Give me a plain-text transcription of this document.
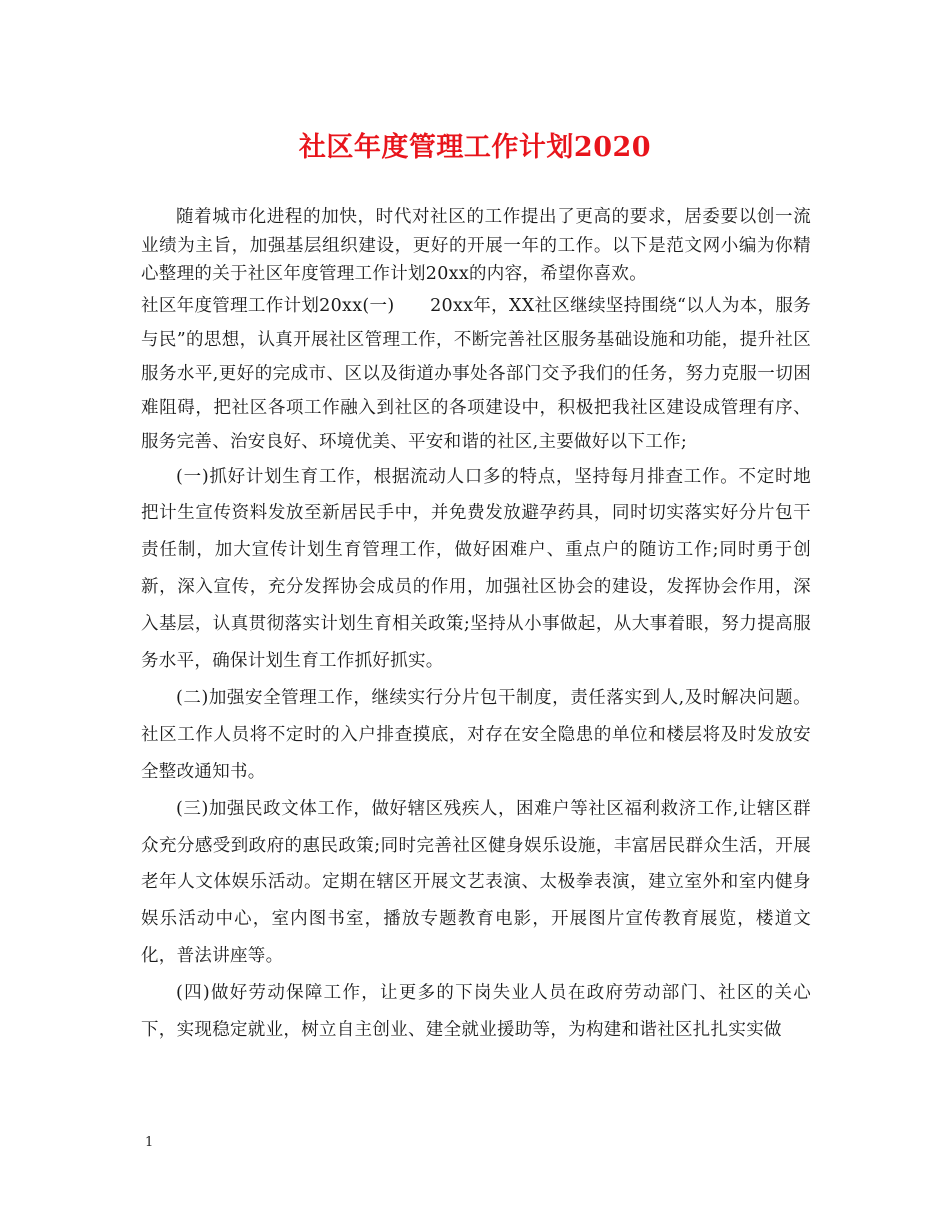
社区年度管理工作计划2020

随着城市化进程的加快，时代对社区的工作提出了更高的要求，居委要以创一流业绩为主旨，加强基层组织建设，更好的开展一年的工作。以下是范文网小编为你精心整理的关于社区年度管理工作计划20xx的内容，希望你喜欢。

社区年度管理工作计划20xx(一)　　20xx年，XX社区继续坚持围绕“以人为本，服务与民”的思想，认真开展社区管理工作，不断完善社区服务基础设施和功能，提升社区服务水平,更好的完成市、区以及街道办事处各部门交予我们的任务，努力克服一切困难阻碍，把社区各项工作融入到社区的各项建设中，积极把我社区建设成管理有序、服务完善、治安良好、环境优美、平安和谐的社区,主要做好以下工作;

(一)抓好计划生育工作，根据流动人口多的特点，坚持每月排查工作。不定时地把计生宣传资料发放至新居民手中，并免费发放避孕药具，同时切实落实好分片包干责任制，加大宣传计划生育管理工作，做好困难户、重点户的随访工作;同时勇于创新，深入宣传，充分发挥协会成员的作用，加强社区协会的建设，发挥协会作用，深入基层，认真贯彻落实计划生育相关政策;坚持从小事做起，从大事着眼，努力提高服务水平，确保计划生育工作抓好抓实。

(二)加强安全管理工作，继续实行分片包干制度，责任落实到人,及时解决问题。社区工作人员将不定时的入户排查摸底，对存在安全隐患的单位和楼层将及时发放安全整改通知书。

(三)加强民政文体工作，做好辖区残疾人，困难户等社区福利救济工作,让辖区群众充分感受到政府的惠民政策;同时完善社区健身娱乐设施，丰富居民群众生活，开展老年人文体娱乐活动。定期在辖区开展文艺表演、太极拳表演，建立室外和室内健身娱乐活动中心，室内图书室，播放专题教育电影，开展图片宣传教育展览，楼道文化，普法讲座等。

(四)做好劳动保障工作，让更多的下岗失业人员在政府劳动部门、社区的关心下，实现稳定就业，树立自主创业、建全就业援助等，为构建和谐社区扎扎实实做

1
